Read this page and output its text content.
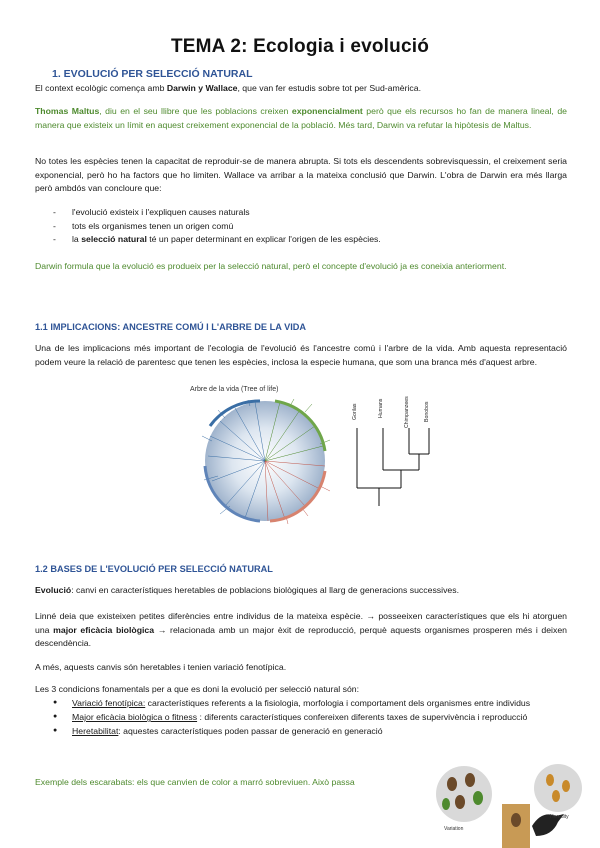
TEMA 2: Ecologia i evolució
1. EVOLUCIÓ PER SELECCIÓ NATURAL
El context ecològic comença amb Darwin y Wallace, que van fer estudis sobre tot per Sud-amèrica.
Thomas Maltus, diu en el seu llibre que les poblacions creixen exponencialment però que els recursos ho fan de manera lineal, de manera que existeix un límit en aquest creixement exponencial de la població. Més tard, Darwin va refutar la hipòtesis de Maltus.
No totes les espècies tenen la capacitat de reproduir-se de manera abrupta. Si tots els descendents sobrevisquessin, el creixement seria exponencial, però ho ha factors que ho limiten. Wallace va arribar a la mateixa conclusió que Darwin. L'obra de Darwin era més llarga però ambdós van concloure que:
- l'evolució existeix i l'expliquen causes naturals
- tots els organismes tenen un origen comú
- la selecció natural té un paper determinant en explicar l'origen de les espècies.
Darwin formula que la evolució es produeix per la selecció natural, però el concepte d'evolució ja es coneixia anteriorment.
1.1 IMPLICACIONS: ANCESTRE COMÚ I L'ARBRE DE LA VIDA
Una de les implicacions més important de l'ecologia de l'evolució és l'ancestre comú i l'arbre de la vida. Amb aquesta representació podem veure la relació de parentesc que tenen les espècies, inclosa la especie humana, que som una branca més d'aquest arbre.
Arbre de la vida (Tree of life)
Gorilas	Humans	Chimpanzees	Bonobos
1.2 BASES DE L'EVOLUCIÓ PER SELECCIÓ NATURAL
Evolució: canvi en característiques heretables de poblacions biològiques al llarg de generacions successives.
Linné deia que existeixen petites diferències entre individus de la mateixa espècie. → posseeixen característiques que els hi atorguen una major eficàcia biològica → relacionada amb un major èxit de reproducció, perquè aquests organismes prosperen més i deixen descendència.
A més, aquests canvis són heretables i tenien variació fenotípica.
Les 3 condicions fonamentals per a que es doni la evolució per selecció natural són:
● Variació fenotípica: característiques referents a la fisiologia, morfologia i comportament dels organismes entre individus
● Major eficàcia biològica o fitness : diferents característiques confereixen diferents taxes de supervivència i reproducció
● Heretabilitat: aquestes característiques poden passar de generació en generació
Exemple dels escarabats: els que canvien de color a marró sobreviuen. Això passa
Variation
Heredity
